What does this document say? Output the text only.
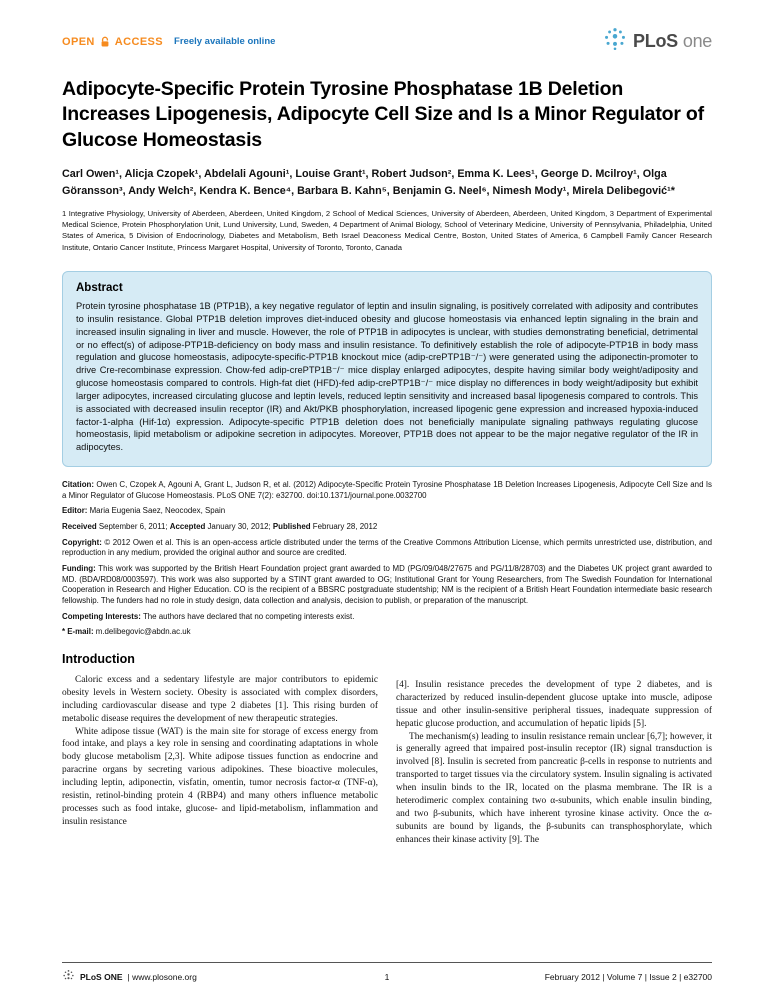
OPEN ACCESS Freely available online	PLoS one
Adipocyte-Specific Protein Tyrosine Phosphatase 1B Deletion Increases Lipogenesis, Adipocyte Cell Size and Is a Minor Regulator of Glucose Homeostasis

Carl Owen¹, Alicja Czopek¹, Abdelali Agouni¹, Louise Grant¹, Robert Judson², Emma K. Lees¹, George D. Mcilroy¹, Olga Göransson³, Andy Welch², Kendra K. Bence⁴, Barbara B. Kahn⁵, Benjamin G. Neel⁶, Nimesh Mody¹, Mirela Delibegović¹*

1 Integrative Physiology, University of Aberdeen, Aberdeen, United Kingdom, 2 School of Medical Sciences, University of Aberdeen, Aberdeen, United Kingdom, 3 Department of Experimental Medical Science, Protein Phosphorylation Unit, Lund University, Lund, Sweden, 4 Department of Animal Biology, School of Veterinary Medicine, University of Pennsylvania, Philadelphia, United States of America, 5 Division of Endocrinology, Diabetes and Metabolism, Beth Israel Deaconess Medical Centre, Boston, United States of America, 6 Campbell Family Cancer Research Institute, Ontario Cancer Institute, Princess Margaret Hospital, University of Toronto, Toronto, Canada

Abstract

Protein tyrosine phosphatase 1B (PTP1B), a key negative regulator of leptin and insulin signaling, is positively correlated with adiposity and contributes to insulin resistance. Global PTP1B deletion improves diet-induced obesity and glucose homeostasis via enhanced leptin signaling in the brain and increased insulin signaling in liver and muscle. However, the role of PTP1B in adipocytes is unclear, with studies demonstrating beneficial, detrimental or no effect(s) of adipose-PTP1B-deficiency on body mass and insulin resistance. To definitively establish the role of adipocyte-PTP1B in body mass regulation and glucose homeostasis, adipocyte-specific-PTP1B knockout mice (adip-crePTP1B⁻/⁻) were generated using the adiponectin-promoter to drive Cre-recombinase expression. Chow-fed adip-crePTP1B⁻/⁻ mice display enlarged adipocytes, despite having similar body weight/adiposity and glucose homeostasis compared to controls. High-fat diet (HFD)-fed adip-crePTP1B⁻/⁻ mice display no differences in body weight/adiposity but exhibit larger adipocytes, increased circulating glucose and leptin levels, reduced leptin sensitivity and increased basal lipogenesis compared to controls. This is associated with decreased insulin receptor (IR) and Akt/PKB phosphorylation, increased lipogenic gene expression and increased hypoxia-induced factor-1-alpha (Hif-1α) expression. Adipocyte-specific PTP1B deletion does not beneficially manipulate signaling pathways regulating glucose homeostasis, lipid metabolism or adipokine secretion in adipocytes. Moreover, PTP1B does not appear to be the major negative regulator of the IR in adipocytes.

Citation: Owen C, Czopek A, Agouni A, Grant L, Judson R, et al. (2012) Adipocyte-Specific Protein Tyrosine Phosphatase 1B Deletion Increases Lipogenesis, Adipocyte Cell Size and Is a Minor Regulator of Glucose Homeostasis. PLoS ONE 7(2): e32700. doi:10.1371/journal.pone.0032700

Editor: Maria Eugenia Saez, Neocodex, Spain

Received September 6, 2011; Accepted January 30, 2012; Published February 28, 2012

Copyright: © 2012 Owen et al. This is an open-access article distributed under the terms of the Creative Commons Attribution License, which permits unrestricted use, distribution, and reproduction in any medium, provided the original author and source are credited.

Funding: This work was supported by the British Heart Foundation project grant awarded to MD (PG/09/048/27675 and PG/11/8/28703) and the Diabetes UK project grant awarded to MD. (BDA/RD08/0003597). This work was also supported by a STINT grant awarded to OG; Institutional Grant for Young Researchers, from The Swedish Foundation for International Cooperation in Research and Higher Education. CO is the recipient of a BBSRC postgraduate studentship; NM is the recipient of a British Heart Foundation intermediate basic research fellowship. The funders had no role in study design, data collection and analysis, decision to publish, or preparation of the manuscript.

Competing Interests: The authors have declared that no competing interests exist.

* E-mail: m.delibegovic@abdn.ac.uk

Introduction

Caloric excess and a sedentary lifestyle are major contributors to epidemic obesity levels in Western society. Obesity is associated with complex disorders, including cardiovascular disease and type 2 diabetes [1]. This rising burden of metabolic disease requires the development of new therapeutic strategies.

White adipose tissue (WAT) is the main site for storage of excess energy from food intake, and plays a key role in sensing and coordinating adaptations in whole body glucose metabolism [2,3]. White adipose tissues function as endocrine and paracrine organs by secreting various adipokines. These bioactive molecules, including leptin, adiponectin, visfatin, omentin, tumor necrosis factor-α (TNF-α), resistin, retinol-binding protein 4 (RBP4) and many others influence metabolic processes such as food intake, glucose- and lipid-metabolism, inflammation and insulin resistance

[4]. Insulin resistance precedes the development of type 2 diabetes, and is characterized by reduced insulin-dependent glucose uptake into muscle, adipose tissue and other insulin-sensitive peripheral tissues, inadequate suppression of hepatic glucose production, and accumulation of hepatic lipids [5].

The mechanism(s) leading to insulin resistance remain unclear [6,7]; however, it is generally agreed that impaired post-insulin receptor (IR) signal transduction is involved [8]. Insulin is secreted from pancreatic β-cells in response to nutrients and transported to target tissues via the circulatory system. Insulin signaling is activated when insulin binds to the IR, located on the plasma membrane. The IR is a heterodimeric complex containing two α-subunits, which enable insulin binding, and two β-subunits, which have inherent tyrosine kinase activity. Once the α-subunits are bound by ligands, the β-subunits can transphosphorylate, which enhances their kinase activity [9]. The

PLoS ONE | www.plosone.org	1	February 2012 | Volume 7 | Issue 2 | e32700
